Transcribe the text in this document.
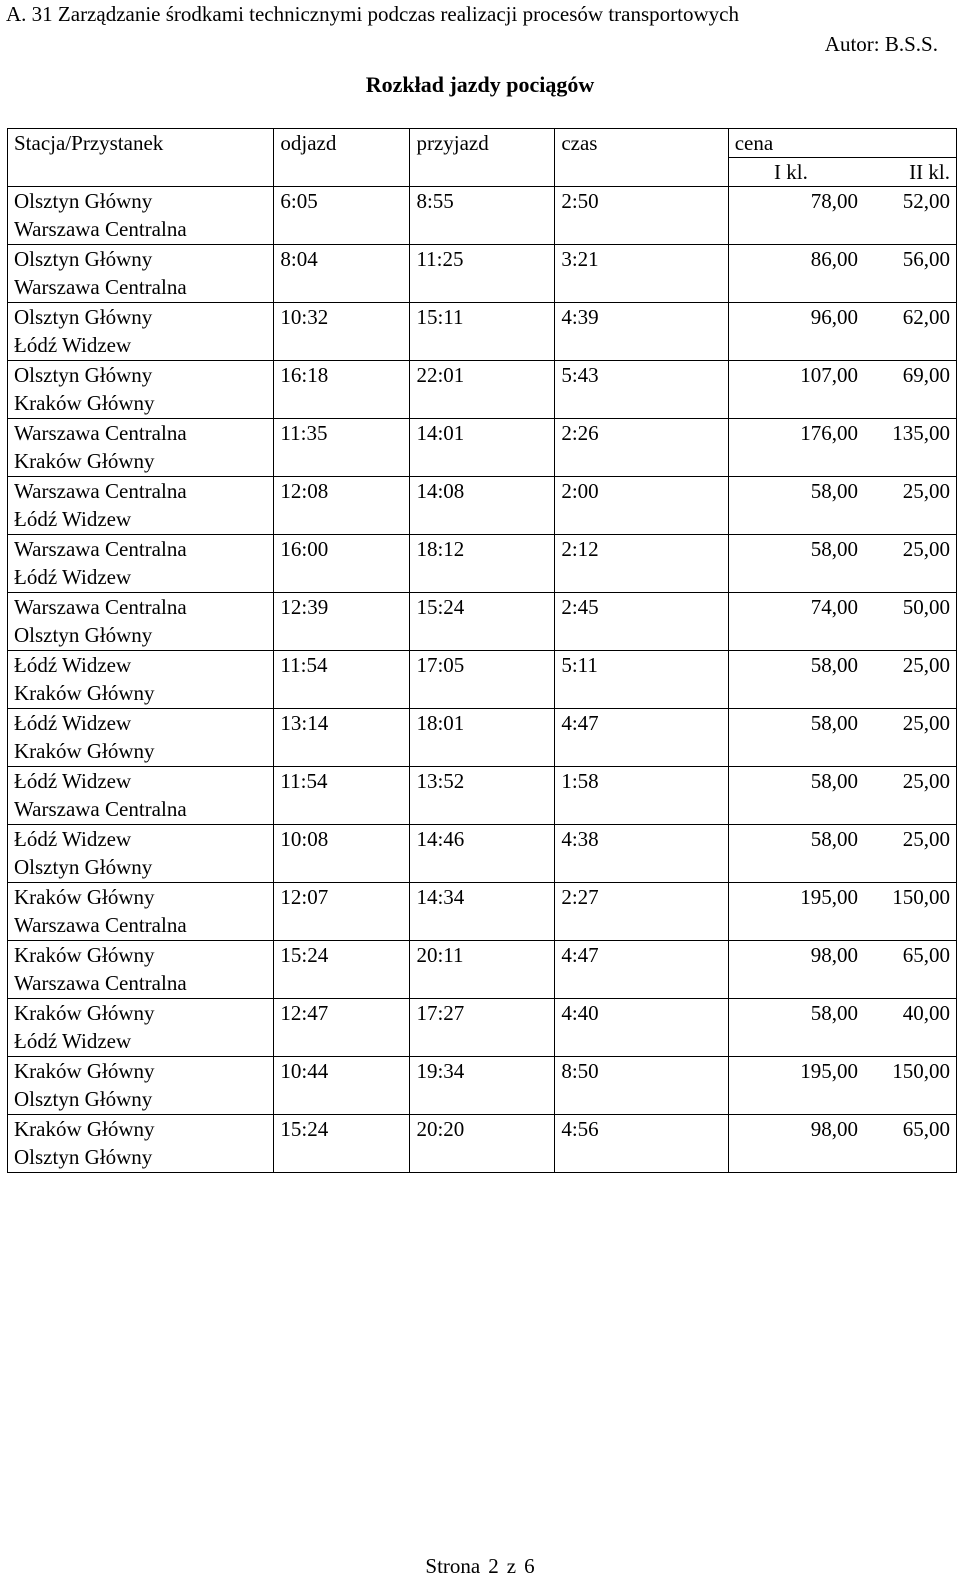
A. 31 Zarządzanie środkami technicznymi podczas realizacji procesów transportowych
Autor: B.S.S.
Rozkład jazdy pociągów
Stacja/Przystanek	odjazd	przyjazd	czas	cena

				I kl. II kl.

Olsztyn Główny
Warszawa Centralna	6:05	8:55	2:50	78,00 52,00

Olsztyn Główny
Warszawa Centralna	8:04	11:25	3:21	86,00 56,00

Olsztyn Główny
Łódź Widzew	10:32	15:11	4:39	96,00 62,00

Olsztyn Główny
Kraków Główny	16:18	22:01	5:43	107,00 69,00

Warszawa Centralna
Kraków Główny	11:35	14:01	2:26	176,00 135,00

Warszawa Centralna
Łódź Widzew	12:08	14:08	2:00	58,00 25,00

Warszawa Centralna
Łódź Widzew	16:00	18:12	2:12	58,00 25,00

Warszawa Centralna
Olsztyn Główny	12:39	15:24	2:45	74,00 50,00

Łódź Widzew
Kraków Główny	11:54	17:05	5:11	58,00 25,00

Łódź Widzew
Kraków Główny	13:14	18:01	4:47	58,00 25,00

Łódź Widzew
Warszawa Centralna	11:54	13:52	1:58	58,00 25,00

Łódź Widzew
Olsztyn Główny	10:08	14:46	4:38	58,00 25,00

Kraków Główny
Warszawa Centralna	12:07	14:34	2:27	195,00 150,00

Kraków Główny
Warszawa Centralna	15:24	20:11	4:47	98,00 65,00

Kraków Główny
Łódź Widzew	12:47	17:27	4:40	58,00 40,00

Kraków Główny
Olsztyn Główny	10:44	19:34	8:50	195,00 150,00

Kraków Główny
Olsztyn Główny	15:24	20:20	4:56	98,00 65,00
Strona 2 z 6
